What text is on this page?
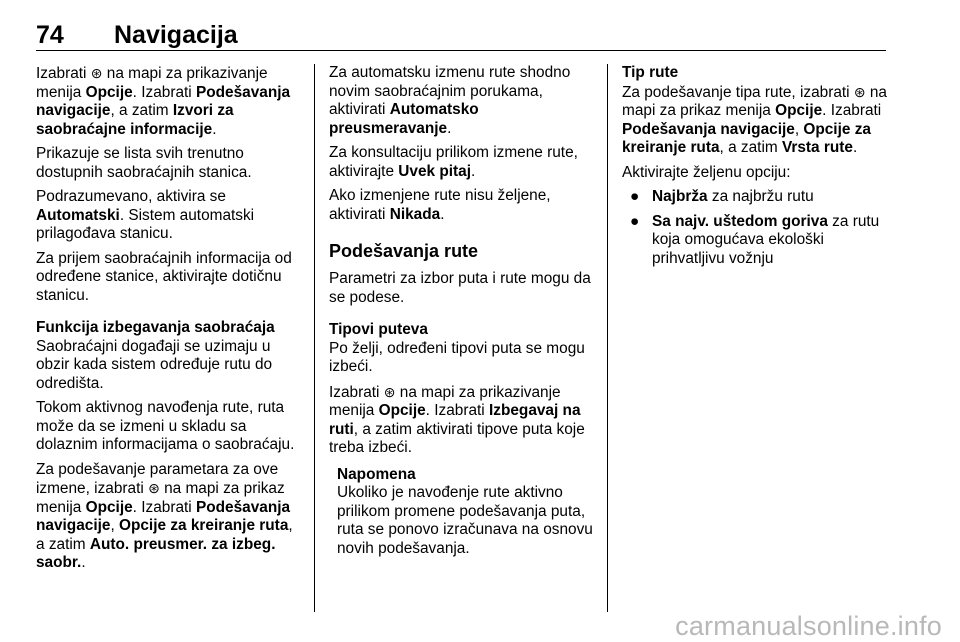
74 Navigacija

Izabrati ⊛ na mapi za prikazivanje menija Opcije. Izabrati Podešavanja navigacije, a zatim Izvori za saobraćajne informacije.

Prikazuje se lista svih trenutno dostupnih saobraćajnih stanica.

Podrazumevano, aktivira se Automatski. Sistem automatski prilagođava stanicu.

Za prijem saobraćajnih informacija od određene stanice, aktivirajte dotičnu stanicu.

Funkcija izbegavanja saobraćaja

Saobraćajni događaji se uzimaju u obzir kada sistem određuje rutu do odredišta.

Tokom aktivnog navođenja rute, ruta može da se izmeni u skladu sa dolaznim informacijama o saobraćaju.

Za podešavanje parametara za ove izmene, izabrati ⊛ na mapi za prikaz menija Opcije. Izabrati Podešavanja navigacije, Opcije za kreiranje ruta, a zatim Auto. preusmer. za izbeg. saobr..

Za automatsku izmenu rute shodno novim saobraćajnim porukama, aktivirati Automatsko preusmeravanje.

Za konsultaciju prilikom izmene rute, aktivirajte Uvek pitaj.

Ako izmenjene rute nisu željene, aktivirati Nikada.

Podešavanja rute

Parametri za izbor puta i rute mogu da se podese.

Tipovi puteva

Po želji, određeni tipovi puta se mogu izbeći.

Izabrati ⊛ na mapi za prikazivanje menija Opcije. Izabrati Izbegavaj na ruti, a zatim aktivirati tipove puta koje treba izbeći.

Napomena
Ukoliko je navođenje rute aktivno prilikom promene podešavanja puta, ruta se ponovo izračunava na osnovu novih podešavanja.

Tip rute

Za podešavanje tipa rute, izabrati ⊛ na mapi za prikaz menija Opcije. Izabrati Podešavanja navigacije, Opcije za kreiranje ruta, a zatim Vrsta rute.

Aktivirajte željenu opciju:

● Najbrža za najbržu rutu
● Sa najv. uštedom goriva za rutu koja omogućava ekološki prihvatljivu vožnju
carmanualsonline.info
